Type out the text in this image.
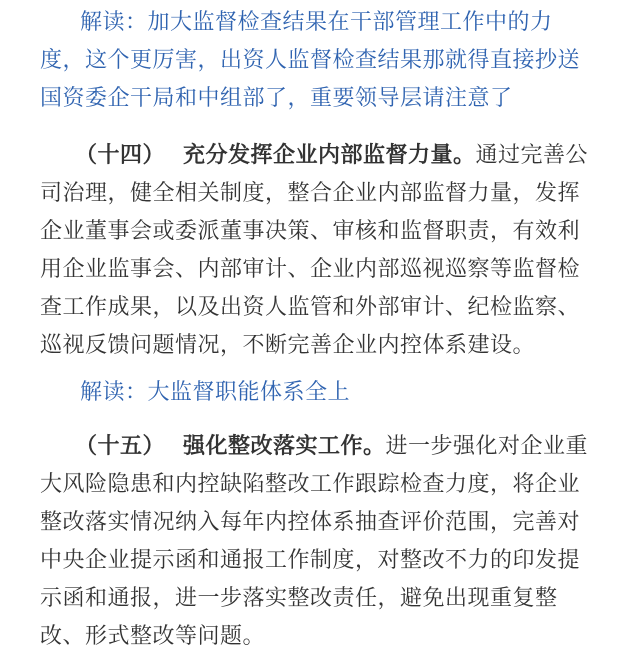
解读：加大监督检查结果在干部管理工作中的力
度，这个更厉害，出资人监督检查结果那就得直接抄送
国资委企干局和中组部了，重要领导层请注意了
（十四） 充分发挥企业内部监督力量。通过完善公
司治理，健全相关制度，整合企业内部监督力量，发挥
企业董事会或委派董事决策、审核和监督职责，有效利
用企业监事会、内部审计、企业内部巡视巡察等监督检
查工作成果，以及出资人监管和外部审计、纪检监察、
巡视反馈问题情况，不断完善企业内控体系建设。
解读：大监督职能体系全上
（十五） 强化整改落实工作。进一步强化对企业重
大风险隐患和内控缺陷整改工作跟踪检查力度，将企业
整改落实情况纳入每年内控体系抽查评价范围，完善对
中央企业提示函和通报工作制度，对整改不力的印发提
示函和通报，进一步落实整改责任，避免出现重复整
改、形式整改等问题。
